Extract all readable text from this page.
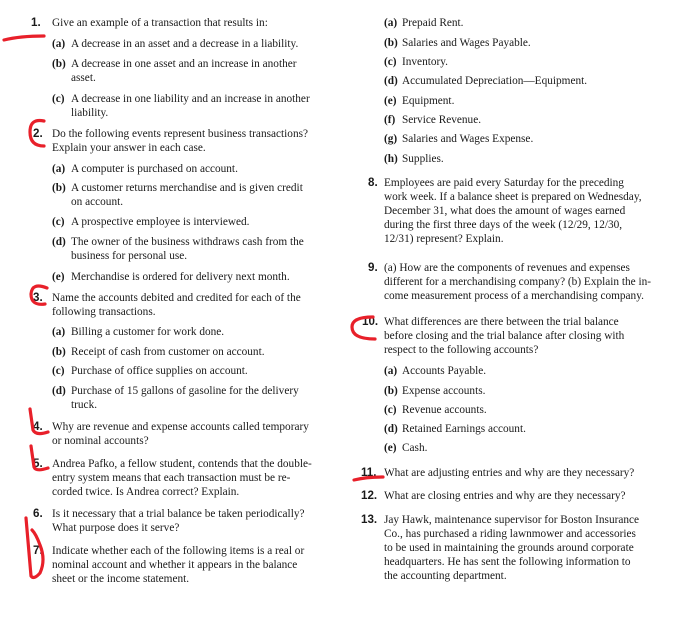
1. Give an example of a transaction that results in:

(a) A decrease in an asset and a decrease in a liability.

(b) A decrease in one asset and an increase in another

asset.

(c) A decrease in one liability and an increase in another

liability.

2. Do the following events represent business transactions?

Explain your answer in each case.

(a) A computer is purchased on account.

(b) A customer returns merchandise and is given credit

on account.

(c) A prospective employee is interviewed.

(d) The owner of the business withdraws cash from the

business for personal use.

(e) Merchandise is ordered for delivery next month.

3. Name the accounts debited and credited for each of the

following transactions.

(a) Billing a customer for work done.

(b) Receipt of cash from customer on account.

(c) Purchase of office supplies on account.

(d) Purchase of 15 gallons of gasoline for the delivery

truck.

4. Why are revenue and expense accounts called temporary

or nominal accounts?

5. Andrea Pafko, a fellow student, contends that the double-

entry system means that each transaction must be re-

corded twice. Is Andrea correct? Explain.

6. Is it necessary that a trial balance be taken periodically?

What purpose does it serve?

7. Indicate whether each of the following items is a real or

nominal account and whether it appears in the balance

sheet or the income statement.

(a) Prepaid Rent.

(b) Salaries and Wages Payable.

(c) Inventory.

(d) Accumulated Depreciation—Equipment.

(e) Equipment.

(f) Service Revenue.

(g) Salaries and Wages Expense.

(h) Supplies.

8. Employees are paid every Saturday for the preceding

work week. If a balance sheet is prepared on Wednesday,

December 31, what does the amount of wages earned

during the first three days of the week (12/29, 12/30,

12/31) represent? Explain.

9. (a) How are the components of revenues and expenses

different for a merchandising company? (b) Explain the in-

come measurement process of a merchandising company.

10. What differences are there between the trial balance

before closing and the trial balance after closing with

respect to the following accounts?

(a) Accounts Payable.

(b) Expense accounts.

(c) Revenue accounts.

(d) Retained Earnings account.

(e) Cash.

11. What are adjusting entries and why are they necessary?

12. What are closing entries and why are they necessary?

13. Jay Hawk, maintenance supervisor for Boston Insurance

Co., has purchased a riding lawnmower and accessories

to be used in maintaining the grounds around corporate

headquarters. He has sent the following information to

the accounting department.
